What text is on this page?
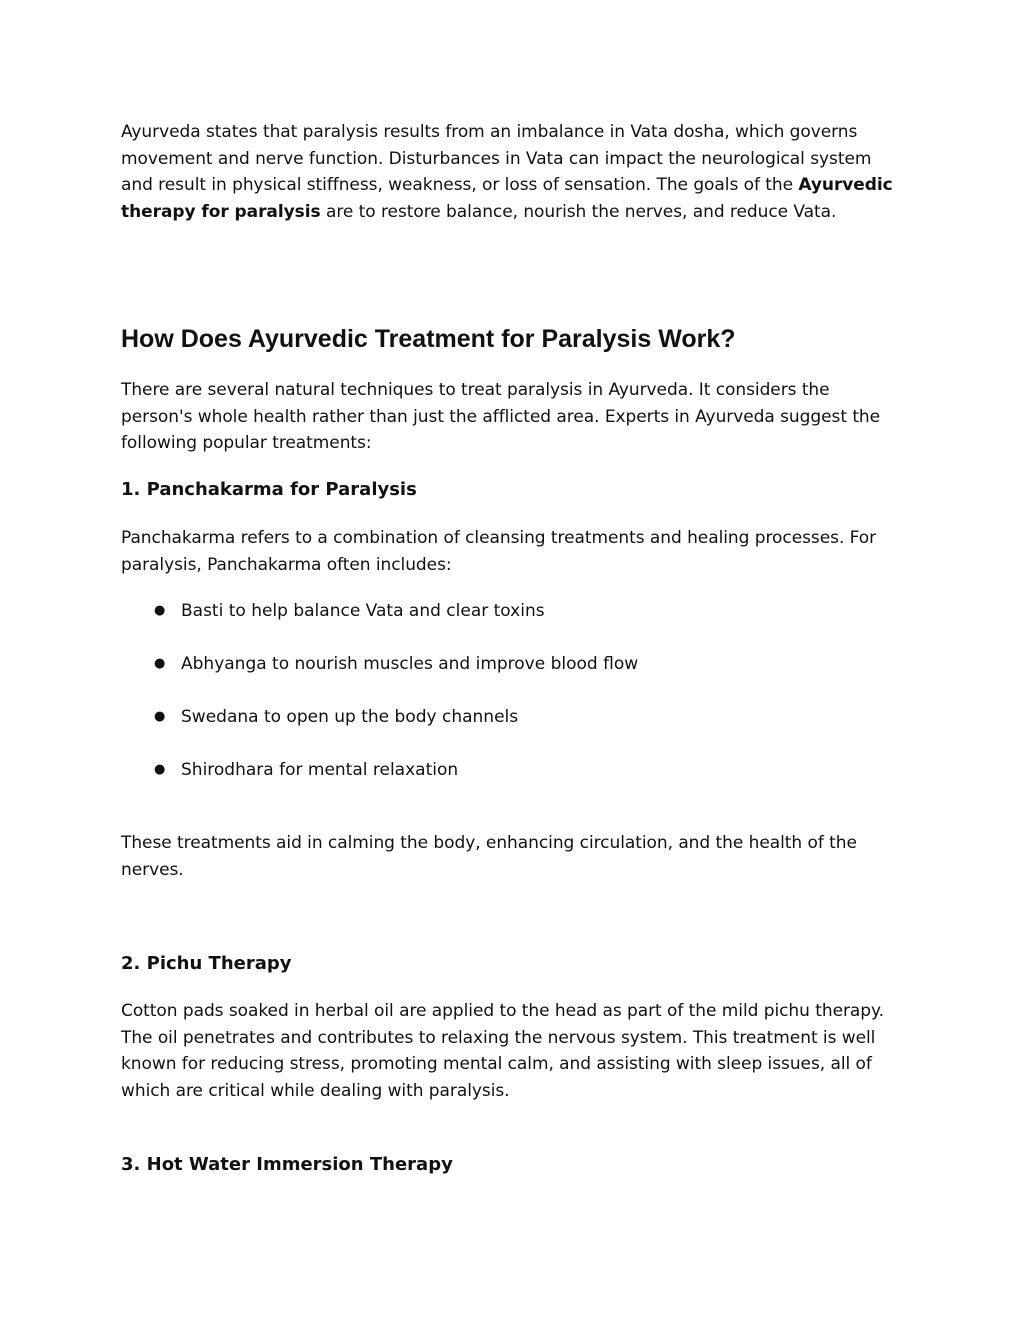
Ayurveda states that paralysis results from an imbalance in Vata dosha, which governs movement and nerve function. Disturbances in Vata can impact the neurological system and result in physical stiffness, weakness, or loss of sensation. The goals of the Ayurvedic therapy for paralysis are to restore balance, nourish the nerves, and reduce Vata.

How Does Ayurvedic Treatment for Paralysis Work?

There are several natural techniques to treat paralysis in Ayurveda. It considers the person's whole health rather than just the afflicted area. Experts in Ayurveda suggest the following popular treatments:

1. Panchakarma for Paralysis

Panchakarma refers to a combination of cleansing treatments and healing processes. For paralysis, Panchakarma often includes:

● Basti to help balance Vata and clear toxins
● Abhyanga to nourish muscles and improve blood flow
● Swedana to open up the body channels
● Shirodhara for mental relaxation

These treatments aid in calming the body, enhancing circulation, and the health of the nerves.

2. Pichu Therapy

Cotton pads soaked in herbal oil are applied to the head as part of the mild pichu therapy. The oil penetrates and contributes to relaxing the nervous system. This treatment is well known for reducing stress, promoting mental calm, and assisting with sleep issues, all of which are critical while dealing with paralysis.

3. Hot Water Immersion Therapy
